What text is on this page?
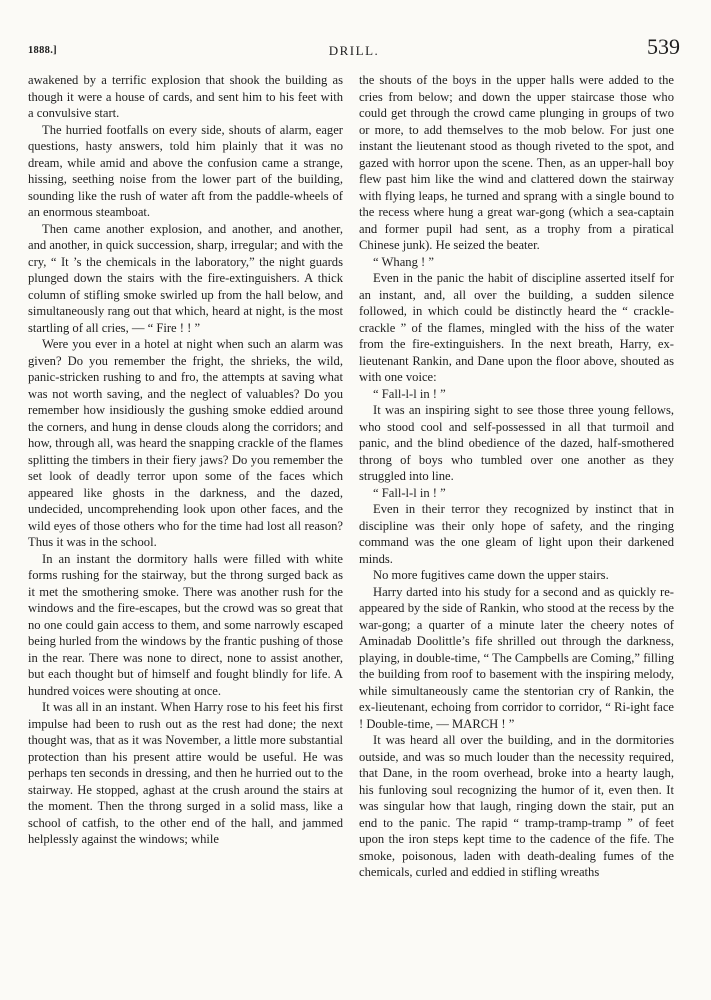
1888.]	DRILL.	539

awakened by a terrific explosion that shook the building as though it were a house of cards, and sent him to his feet with a convulsive start.

The hurried footfalls on every side, shouts of alarm, eager questions, hasty answers, told him plainly that it was no dream, while amid and above the confusion came a strange, hissing, seething noise from the lower part of the building, sounding like the rush of water aft from the paddle-wheels of an enormous steamboat.

Then came another explosion, and another, and another, and another, in quick succession, sharp, irregular; and with the cry, “ It ’s the chemicals in the laboratory,” the night guards plunged down the stairs with the fire-extinguishers. A thick column of stifling smoke swirled up from the hall below, and simultaneously rang out that which, heard at night, is the most startling of all cries, — “ Fire ! ! ”

Were you ever in a hotel at night when such an alarm was given? Do you remember the fright, the shrieks, the wild, panic-stricken rushing to and fro, the attempts at saving what was not worth saving, and the neglect of valuables? Do you remember how insidiously the gushing smoke eddied around the corners, and hung in dense clouds along the corridors; and how, through all, was heard the snapping crackle of the flames splitting the timbers in their fiery jaws? Do you remember the set look of deadly terror upon some of the faces which appeared like ghosts in the darkness, and the dazed, undecided, uncomprehending look upon other faces, and the wild eyes of those others who for the time had lost all reason? Thus it was in the school.

In an instant the dormitory halls were filled with white forms rushing for the stairway, but the throng surged back as it met the smothering smoke. There was another rush for the windows and the fire-escapes, but the crowd was so great that no one could gain access to them, and some narrowly escaped being hurled from the windows by the frantic pushing of those in the rear. There was none to direct, none to assist another, but each thought but of himself and fought blindly for life. A hundred voices were shouting at once.

It was all in an instant. When Harry rose to his feet his first impulse had been to rush out as the rest had done; the next thought was, that as it was November, a little more substantial protection than his present attire would be useful. He was perhaps ten seconds in dressing, and then he hurried out to the stairway. He stopped, aghast at the crush around the stairs at the moment. Then the throng surged in a solid mass, like a school of catfish, to the other end of the hall, and jammed helplessly against the windows; while

the shouts of the boys in the upper halls were added to the cries from below; and down the upper staircase those who could get through the crowd came plunging in groups of two or more, to add themselves to the mob below. For just one instant the lieutenant stood as though riveted to the spot, and gazed with horror upon the scene. Then, as an upper-hall boy flew past him like the wind and clattered down the stairway with flying leaps, he turned and sprang with a single bound to the recess where hung a great war-gong (which a sea-captain and former pupil had sent, as a trophy from a piratical Chinese junk). He seized the beater.

“ Whang ! ”

Even in the panic the habit of discipline asserted itself for an instant, and, all over the building, a sudden silence followed, in which could be distinctly heard the “ crackle-crackle ” of the flames, mingled with the hiss of the water from the fire-extinguishers. In the next breath, Harry, ex-lieutenant Rankin, and Dane upon the floor above, shouted as with one voice:

“ Fall-l-l in ! ”

It was an inspiring sight to see those three young fellows, who stood cool and self-possessed in all that turmoil and panic, and the blind obedience of the dazed, half-smothered throng of boys who tumbled over one another as they struggled into line.

“ Fall-l-l in ! ”

Even in their terror they recognized by instinct that in discipline was their only hope of safety, and the ringing command was the one gleam of light upon their darkened minds.

No more fugitives came down the upper stairs.

Harry darted into his study for a second and as quickly re-appeared by the side of Rankin, who stood at the recess by the war-gong; a quarter of a minute later the cheery notes of Aminadab Doolittle’s fife shrilled out through the darkness, playing, in double-time, “ The Campbells are Coming,” filling the building from roof to basement with the inspiring melody, while simultaneously came the stentorian cry of Rankin, the ex-lieutenant, echoing from corridor to corridor, “ Ri-ight face ! Double-time, — MARCH ! ”

It was heard all over the building, and in the dormitories outside, and was so much louder than the necessity required, that Dane, in the room overhead, broke into a hearty laugh, his funloving soul recognizing the humor of it, even then. It was singular how that laugh, ringing down the stair, put an end to the panic. The rapid “ tramp-tramp-tramp ” of feet upon the iron steps kept time to the cadence of the fife. The smoke, poisonous, laden with death-dealing fumes of the chemicals, curled and eddied in stifling wreaths
